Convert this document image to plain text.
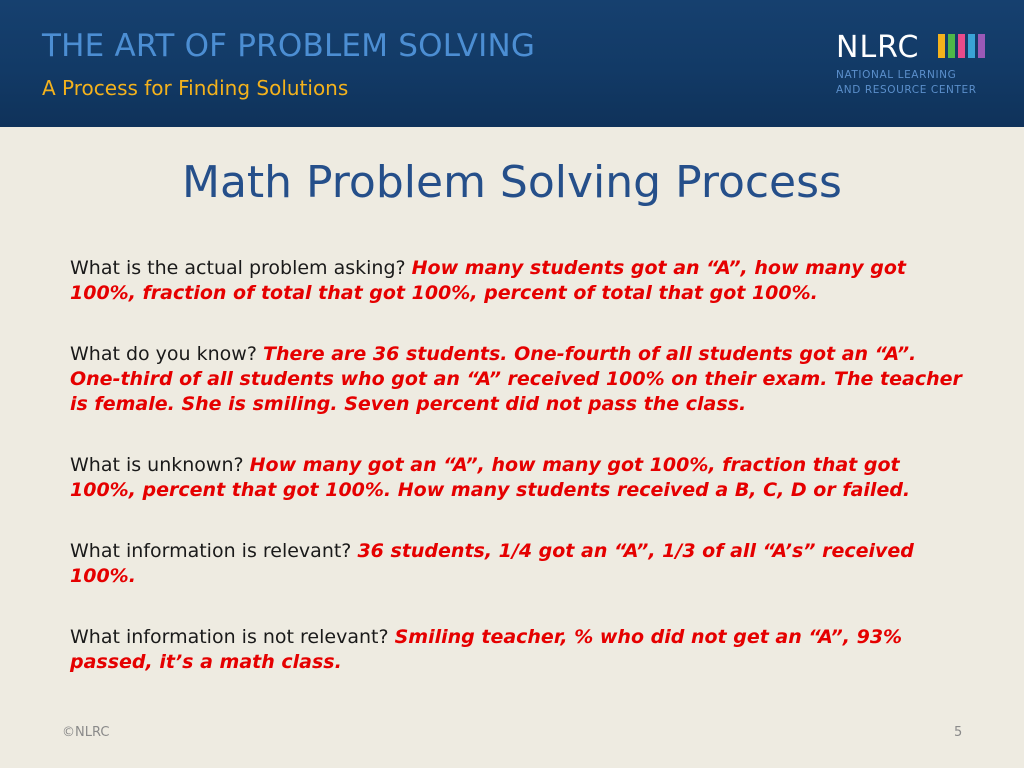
THE ART OF PROBLEM SOLVING
A Process for Finding Solutions
NLRC
NATIONAL LEARNING
AND RESOURCE CENTER
Math Problem Solving Process

What is the actual problem asking? How many students got an “A”, how many got 100%, fraction of total that got 100%, percent of total that got 100%.

What do you know? There are 36 students. One-fourth of all students got an “A”. One-third of all students who got an “A” received 100% on their exam. The teacher is female. She is smiling. Seven percent did not pass the class.

What is unknown? How many got an “A”, how many got 100%, fraction that got 100%, percent that got 100%. How many students received a B, C, D or failed.

What information is relevant? 36 students, 1/4 got an “A”, 1/3 of all “A’s” received 100%.

What information is not relevant? Smiling teacher, % who did not get an “A”, 93% passed, it’s a math class.

©NLRC	5
